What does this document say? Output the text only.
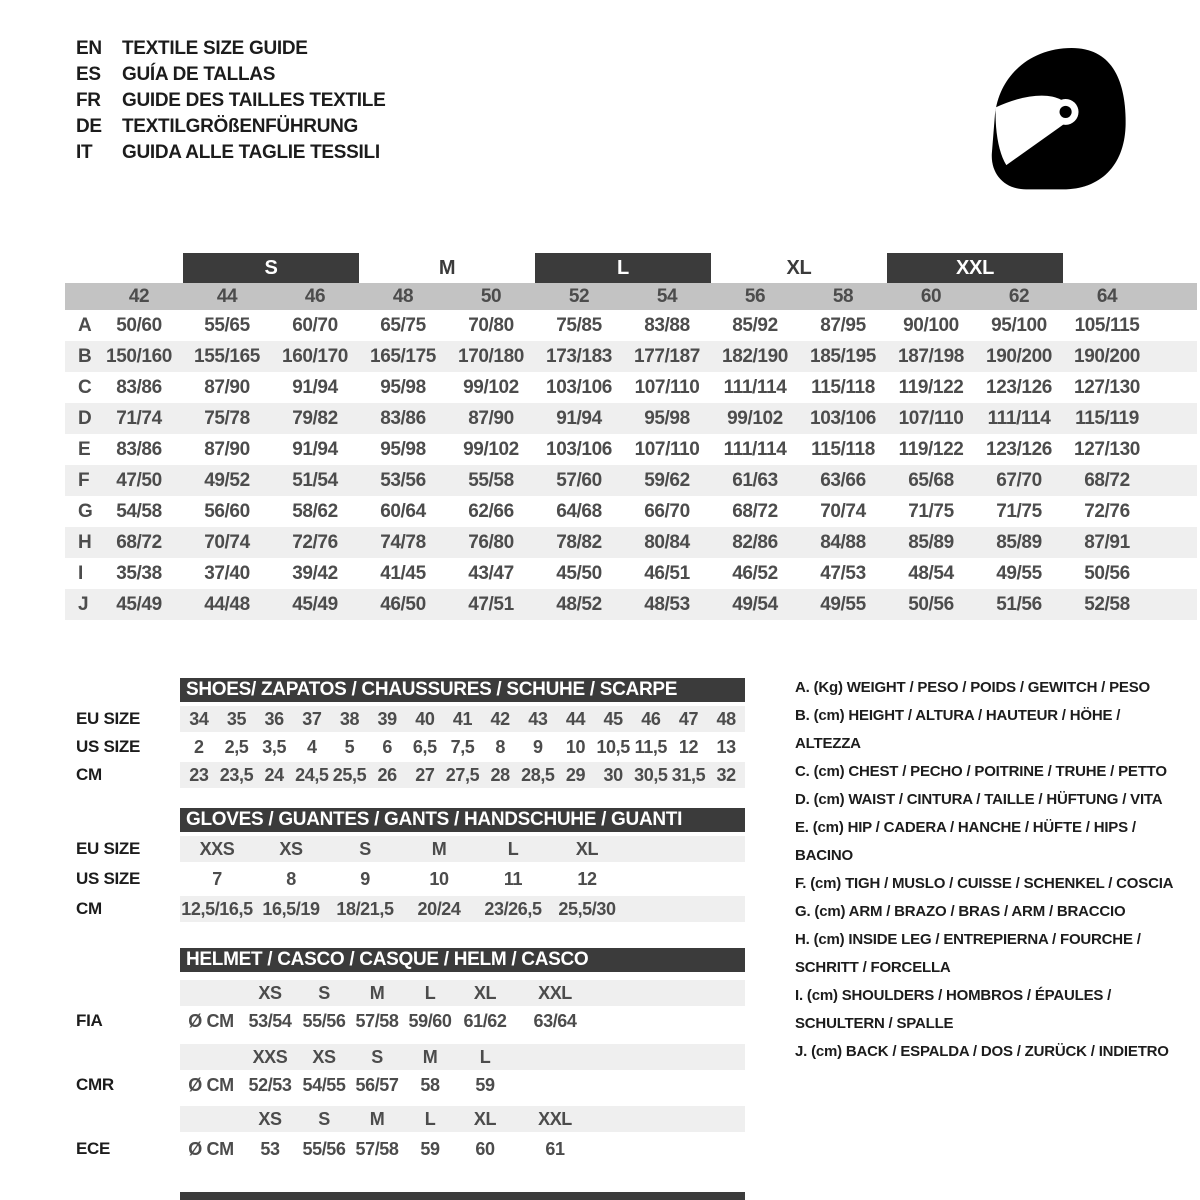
EN	TEXTILE SIZE GUIDE
ES	GUÍA DE TALLAS
FR	GUIDE DES TAILLES TEXTILE
DE	TEXTILGRÖßENFÜHRUNG
IT	GUIDA ALLE TAGLIE TESSILI
S	M	L	XL	XXL
42	44	46	48	50	52	54	56	58	60	62	64
A	50/60	55/65	60/70	65/75	70/80	75/85	83/88	85/92	87/95	90/100	95/100	105/115
B 150/160	155/165	160/170	165/175	170/180	173/183	177/187	182/190	185/195	187/198	190/200	190/200
C	83/86	87/90	91/94	95/98	99/102	103/106	107/110	111/114	115/118	119/122	123/126	127/130
D	71/74	75/78	79/82	83/86	87/90	91/94	95/98	99/102	103/106	107/110	111/114	115/119
E	83/86	87/90	91/94	95/98	99/102	103/106	107/110	111/114	115/118	119/122	123/126	127/130
F	47/50	49/52	51/54	53/56	55/58	57/60	59/62	61/63	63/66	65/68	67/70	68/72
G	54/58	56/60	58/62	60/64	62/66	64/68	66/70	68/72	70/74	71/75	71/75	72/76
H	68/72	70/74	72/76	74/78	76/80	78/82	80/84	82/86	84/88	85/89	85/89	87/91
I	35/38	37/40	39/42	41/45	43/47	45/50	46/51	46/52	47/53	48/54	49/55	50/56
J	45/49	44/48	45/49	46/50	47/51	48/52	48/53	49/54	49/55	50/56	51/56	52/58
SHOES/ ZAPATOS / CHAUSSURES / SCHUHE / SCARPE
34	35	36	37	38	39	40	41	42	43	44	45	46	47	48
2	2,5 3,5	4	5	6	6,5 7,5	8	9	10 10,5 11,5 12	13
23 23,5 24 24,5 25,5 26	27 27,5 28 28,5 29	30 30,5 31,5 32
EU SIZE
US SIZE
CM
GLOVES / GUANTES / GANTS / HANDSCHUHE / GUANTI
XXS	XS	S	M	L	XL
7	8	9	10	11	12
12,5/16,5 16,5/19 18/21,5	20/24	23/26,5 25,5/30
EU SIZE
US SIZE
CM
HELMET / CASCO / CASQUE / HELM / CASCO
XS	S	M	L	XL	XXL
Ø CM 53/54 55/56 57/58 59/60 61/62	63/64
FIA
XXS	XS	S	M	L
Ø CM 52/53 54/55 56/57	58	59
CMR
XS	S	M	L	XL	XXL
Ø CM	53	55/56 57/58	59	60	61
ECE
A. (Kg) WEIGHT / PESO / POIDS / GEWITCH / PESO
B. (cm) HEIGHT / ALTURA / HAUTEUR / HÖHE / ALTEZZA
C. (cm) CHEST / PECHO / POITRINE / TRUHE / PETTO
D. (cm) WAIST / CINTURA / TAILLE / HÜFTUNG / VITA
E. (cm) HIP / CADERA / HANCHE / HÜFTE / HIPS / BACINO
F. (cm) TIGH / MUSLO / CUISSE / SCHENKEL / COSCIA
G. (cm) ARM / BRAZO / BRAS / ARM / BRACCIO
H. (cm) INSIDE LEG / ENTREPIERNA / FOURCHE / SCHRITT / FORCELLA
I. (cm) SHOULDERS / HOMBROS / ÉPAULES / SCHULTERN / SPALLE
J. (cm) BACK / ESPALDA / DOS / ZURÜCK / INDIETRO
